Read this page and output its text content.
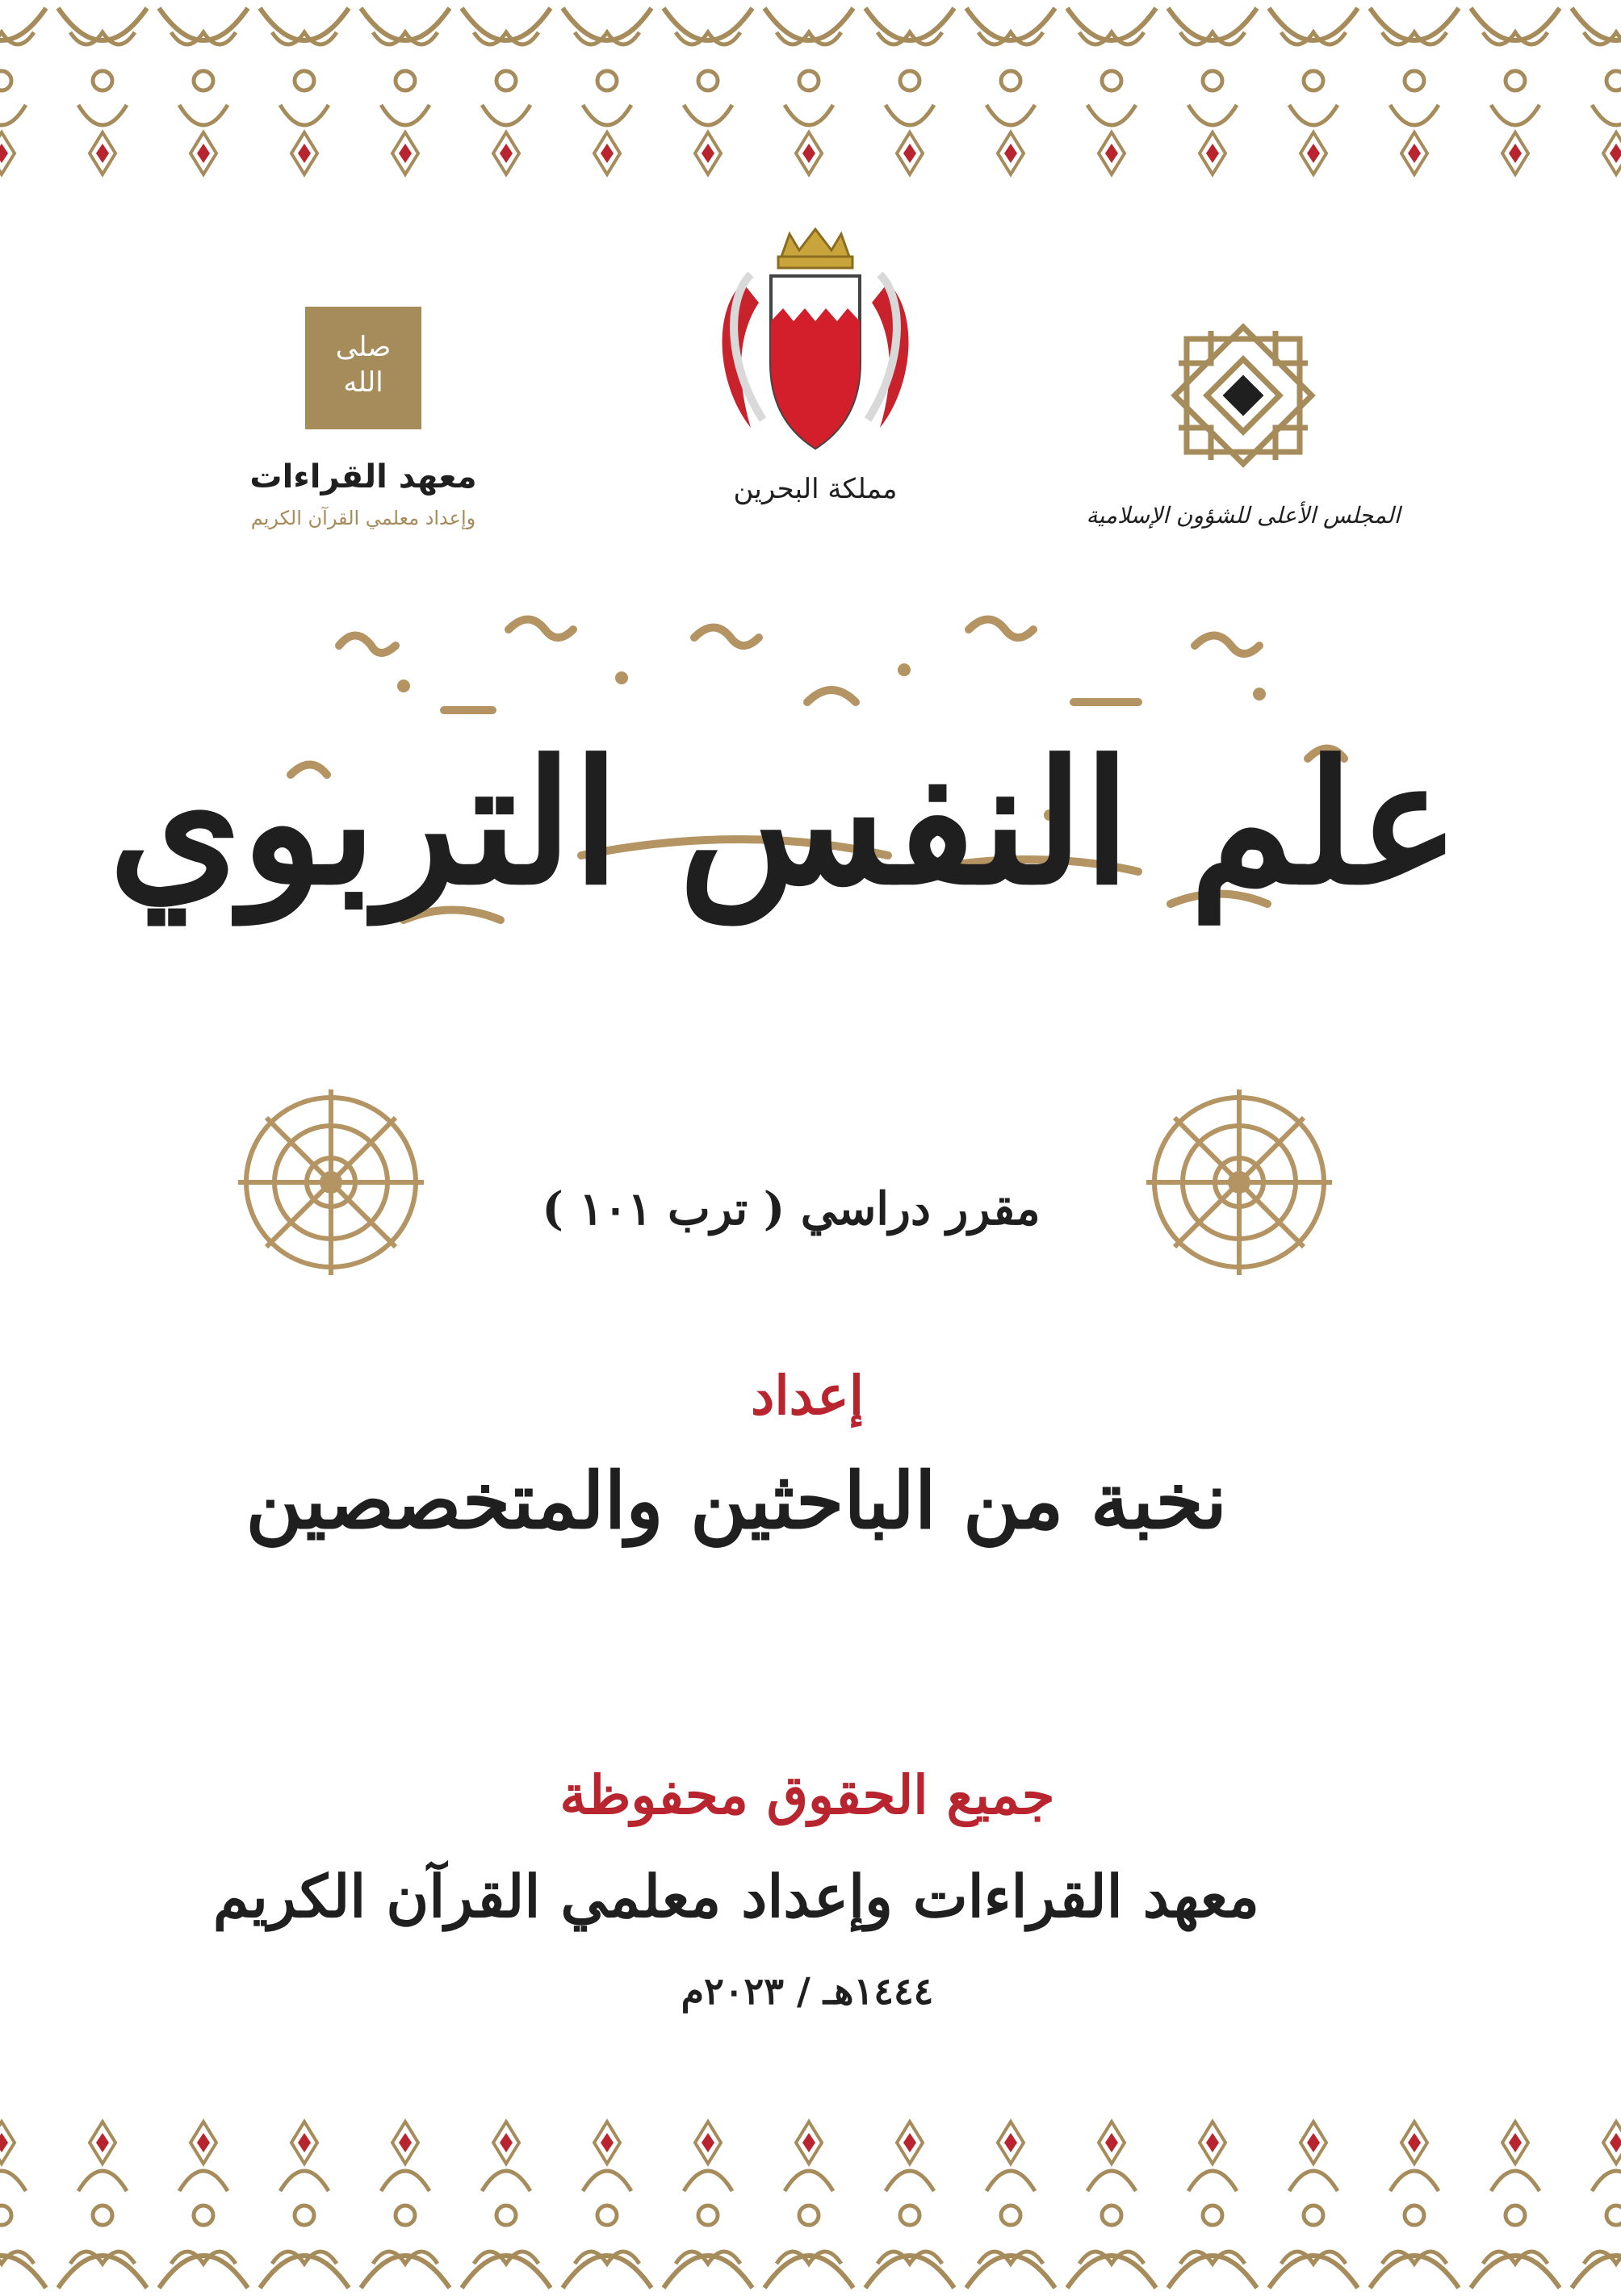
صلى
الله
معهد القراءات
وإعداد معلمي القرآن الكريم
مملكة البحرين
المجلس الأعلى للشؤون الإسلامية
علم النفس التربوي
مقرر دراسي ( ترب ١٠١ )
إعداد
نخبة من الباحثين والمتخصصين
جميع الحقوق محفوظة
معهد القراءات وإعداد معلمي القرآن الكريم
١٤٤٤هـ / ٢٠٢٣م
